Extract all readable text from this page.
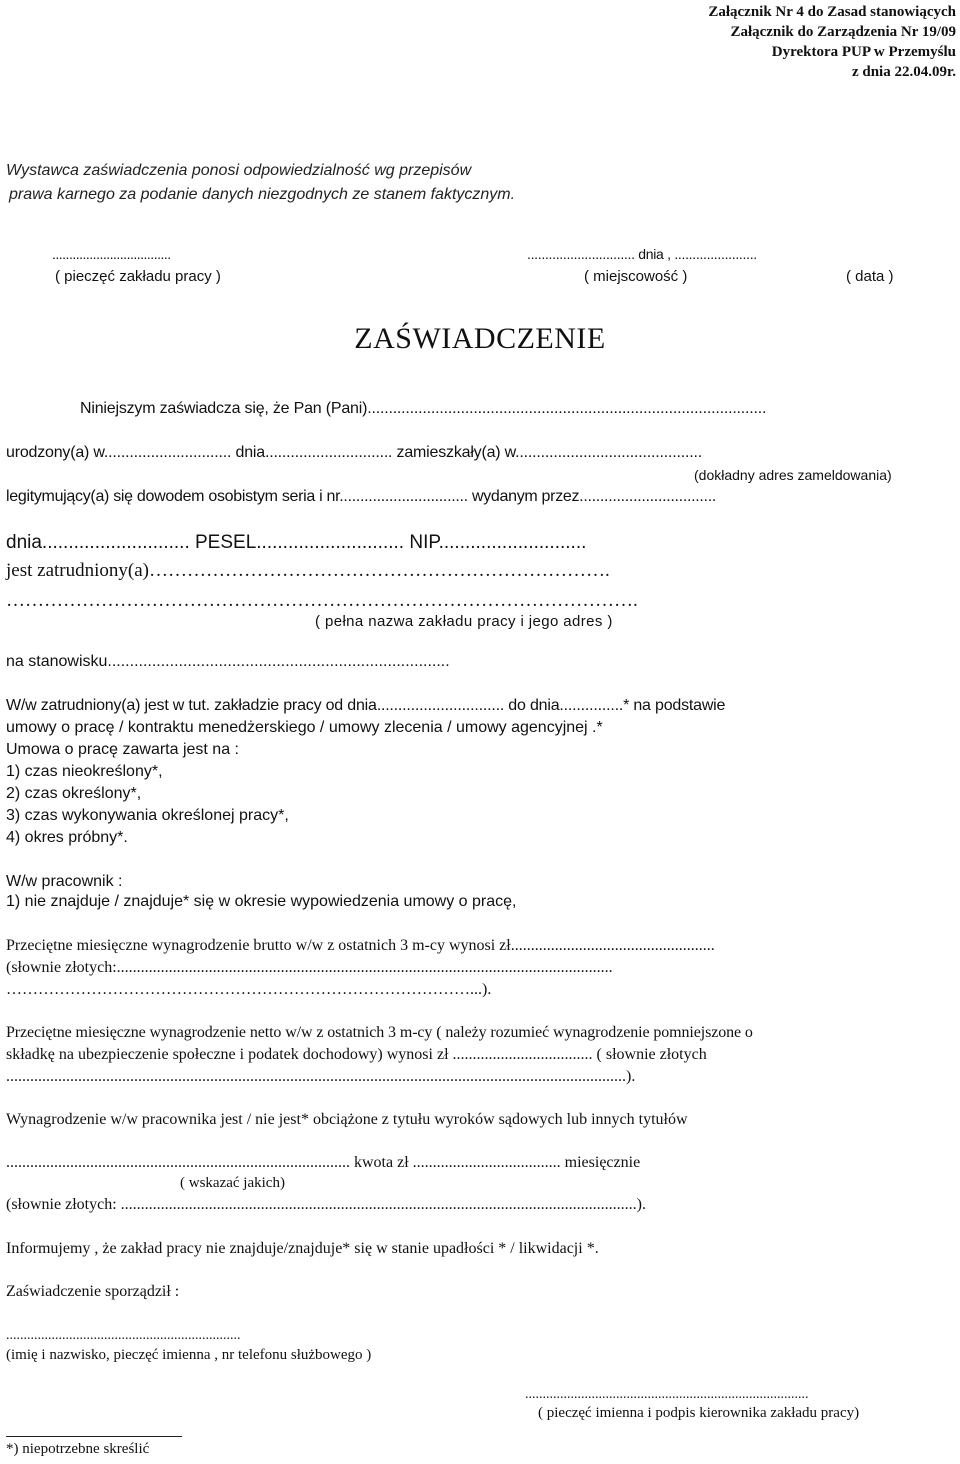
Załącznik Nr 4 do Zasad stanowiących
Załącznik do Zarządzenia Nr 19/09
Dyrektora PUP w Przemyślu
z dnia 22.04.09r.
Wystawca zaświadczenia ponosi odpowiedzialność wg przepisów
prawa karnego za podanie danych niezgodnych ze stanem faktycznym.
...................................
( pieczęć zakładu pracy )
.............................. dnia , .......................
( miejscowość )	( data )
ZAŚWIADCZENIE
Niniejszym zaświadcza się, że Pan (Pani)..............................................................................................
urodzony(a) w.............................. dnia.............................. zamieszkały(a) w............................................
(dokładny adres zameldowania)
legitymujący(a) się dowodem osobistym seria i nr............................... wydanym przez.................................
dnia............................ PESEL............................ NIP............................
jest zatrudniony(a)……………………………………………………………….
……………………………………………………………………………………….
( pełna nazwa zakładu pracy i jego adres )
na stanowisku.............................................................................
W/w zatrudniony(a) jest w tut. zakładzie pracy od dnia.............................. do dnia...............* na podstawie
umowy o pracę / kontraktu menedżerskiego / umowy zlecenia / umowy agencyjnej .*
Umowa o pracę zawarta jest na :
1) czas nieokreślony*,
2) czas określony*,
3) czas wykonywania określonej pracy*,
4) okres próbny*.
W/w pracownik :
1) nie znajduje / znajduje* się w okresie wypowiedzenia umowy o pracę,
Przeciętne miesięczne wynagrodzenie brutto w/w z ostatnich 3 m-cy wynosi zł...................................................
(słownie złotych:............................................................................................................................
……………………………………………………………………………...).
Przeciętne miesięczne wynagrodzenie netto w/w z ostatnich 3 m-cy ( należy rozumieć wynagrodzenie pomniejszone o
składkę na ubezpieczenie społeczne i podatek dochodowy) wynosi zł ................................... ( słownie złotych
...........................................................................................................................................................).
Wynagrodzenie w/w pracownika jest / nie jest* obciążone z tytułu wyroków sądowych lub innych tytułów
...................................................................................... kwota zł ..................................... miesięcznie
( wskazać jakich)
(słownie złotych: .................................................................................................................................).
Informujemy , że zakład pracy nie znajduje/znajduje* się w stanie upadłości * / likwidacji *.
Zaświadczenie sporządził :
...................................................................
(imię i nazwisko, pieczęć imienna , nr telefonu służbowego )
.................................................................................
( pieczęć imienna i podpis kierownika zakładu pracy)
*) niepotrzebne skreślić
